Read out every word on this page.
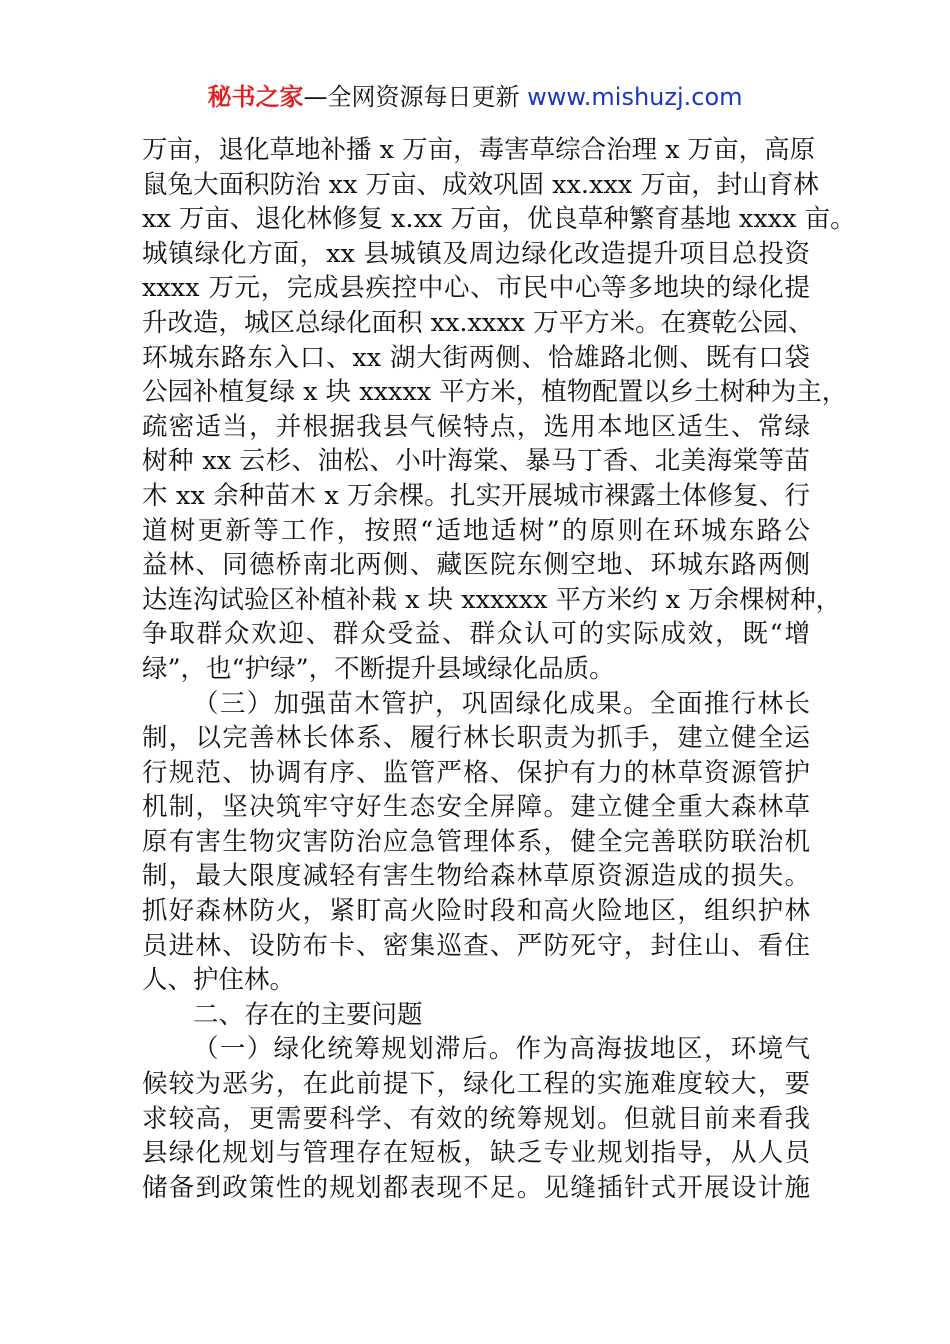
秘书之家—全网资源每日更新 www.mishuzj.com
万亩，退化草地补播 x 万亩，毒害草综合治理 x 万亩，高原
鼠兔大面积防治 xx 万亩、成效巩固 xx.xxx 万亩，封山育林
xx 万亩、退化林修复 x.xx 万亩，优良草种繁育基地 xxxx 亩。
城镇绿化方面，xx 县城镇及周边绿化改造提升项目总投资
xxxx 万元，完成县疾控中心、市民中心等多地块的绿化提
升改造，城区总绿化面积 xx.xxxx 万平方米。在赛乾公园、
环城东路东入口、xx 湖大街两侧、恰雄路北侧、既有口袋
公园补植复绿 x 块 xxxxx 平方米，植物配置以乡土树种为主，
疏密适当，并根据我县气候特点，选用本地区适生、常绿
树种 xx 云杉、油松、小叶海棠、暴马丁香、北美海棠等苗
木 xx 余种苗木 x 万余棵。扎实开展城市裸露土体修复、行
道树更新等工作，按照“适地适树”的原则在环城东路公
益林、同德桥南北两侧、藏医院东侧空地、环城东路两侧
达连沟试验区补植补栽 x 块 xxxxxx 平方米约 x 万余棵树种，
争取群众欢迎、群众受益、群众认可的实际成效，既“增
绿”，也“护绿”，不断提升县域绿化品质。
（三）加强苗木管护，巩固绿化成果。全面推行林长
制，以完善林长体系、履行林长职责为抓手，建立健全运
行规范、协调有序、监管严格、保护有力的林草资源管护
机制，坚决筑牢守好生态安全屏障。建立健全重大森林草
原有害生物灾害防治应急管理体系，健全完善联防联治机
制，最大限度减轻有害生物给森林草原资源造成的损失。
抓好森林防火，紧盯高火险时段和高火险地区，组织护林
员进林、设防布卡、密集巡查、严防死守，封住山、看住
人、护住林。
二、存在的主要问题
（一）绿化统筹规划滞后。作为高海拔地区，环境气
候较为恶劣，在此前提下，绿化工程的实施难度较大，要
求较高，更需要科学、有效的统筹规划。但就目前来看我
县绿化规划与管理存在短板，缺乏专业规划指导，从人员
储备到政策性的规划都表现不足。见缝插针式开展设计施
